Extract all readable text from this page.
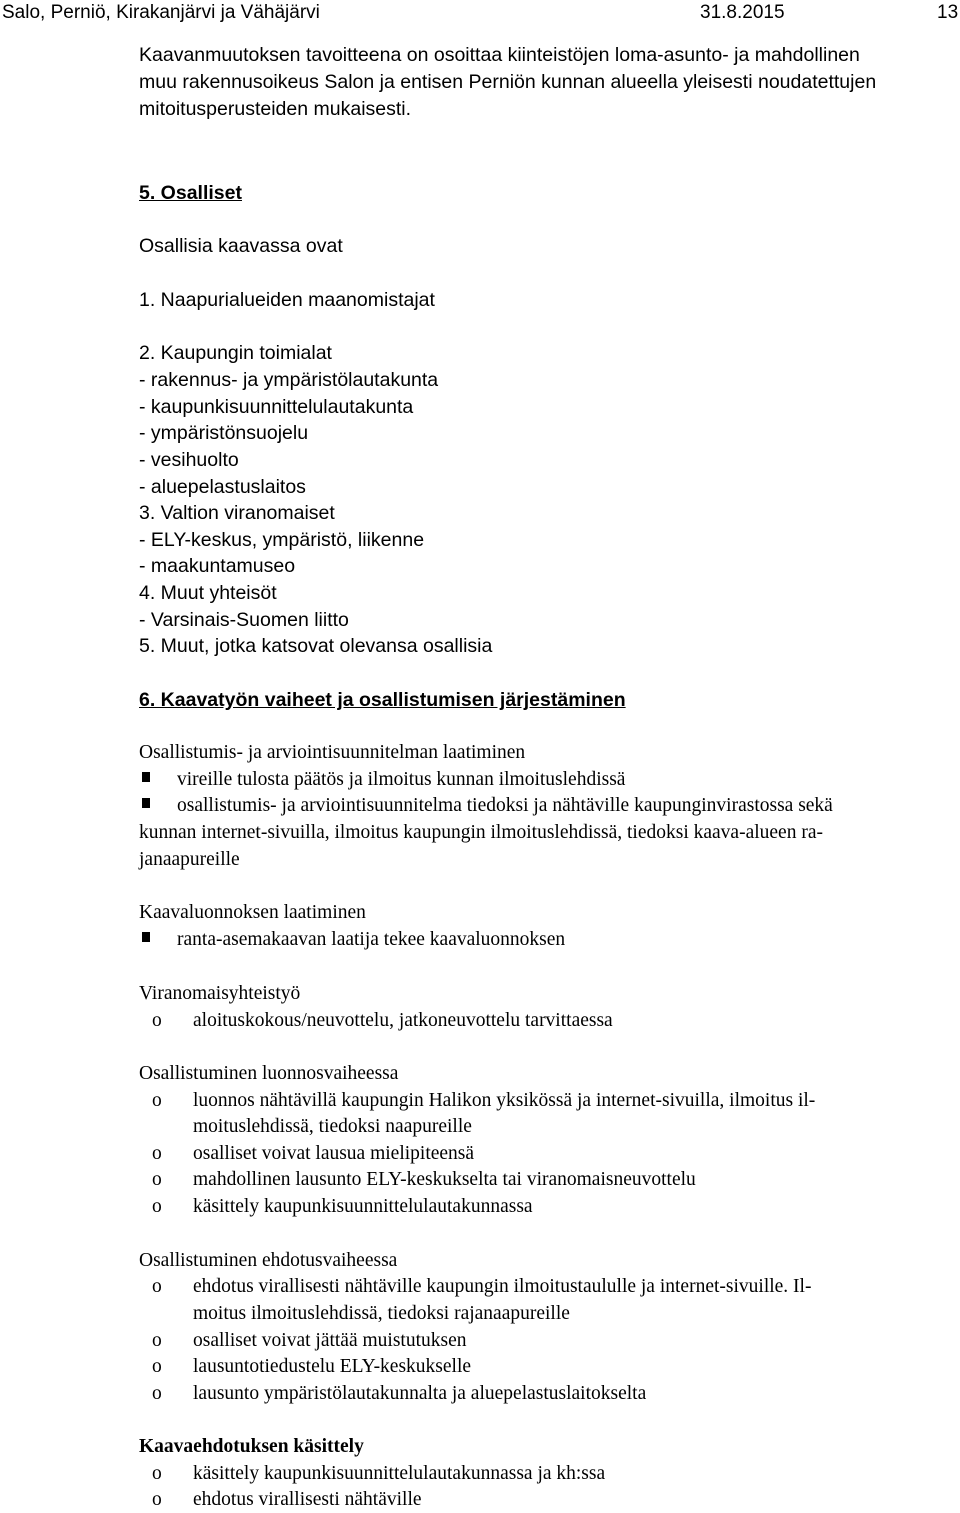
Salo, Perniö, Kirakanjärvi ja Vähäjärvi	31.8.2015	13
Kaavanmuutoksen tavoitteena on osoittaa kiinteistöjen loma-asunto- ja mahdollinen
muu rakennusoikeus Salon ja entisen Perniön kunnan alueella yleisesti noudatettujen
mitoitusperusteiden mukaisesti.
5. Osalliset
Osallisia kaavassa ovat
1. Naapurialueiden maanomistajat
2. Kaupungin toimialat
- rakennus- ja ympäristölautakunta
- kaupunkisuunnittelulautakunta
- ympäristönsuojelu
- vesihuolto
- aluepelastuslaitos
3. Valtion viranomaiset
- ELY-keskus, ympäristö, liikenne
- maakuntamuseo
4. Muut yhteisöt
- Varsinais-Suomen liitto
5. Muut, jotka katsovat olevansa osallisia
6. Kaavatyön vaiheet ja osallistumisen järjestäminen
Osallistumis- ja arviointisuunnitelman laatiminen
vireille tulosta päätös ja ilmoitus kunnan ilmoituslehdissä
osallistumis- ja arviointisuunnitelma tiedoksi ja nähtäville kaupunginvirastossa sekä
kunnan internet-sivuilla, ilmoitus kaupungin ilmoituslehdissä, tiedoksi kaava-alueen ra-
janaapureille
Kaavaluonnoksen laatiminen
ranta-asemakaavan laatija tekee kaavaluonnoksen
Viranomaisyhteistyö
o aloituskokous/neuvottelu, jatkoneuvottelu tarvittaessa
Osallistuminen luonnosvaiheessa
o luonnos nähtävillä kaupungin Halikon yksikössä ja internet-sivuilla, ilmoitus il-
moituslehdissä, tiedoksi naapureille
o osalliset voivat lausua mielipiteensä
o mahdollinen lausunto ELY-keskukselta tai viranomaisneuvottelu
o käsittely kaupunkisuunnittelulautakunnassa
Osallistuminen ehdotusvaiheessa
o ehdotus virallisesti nähtäville kaupungin ilmoitustaululle ja internet-sivuille. Il-
moitus ilmoituslehdissä, tiedoksi rajanaapureille
o osalliset voivat jättää muistutuksen
o lausuntotiedustelu ELY-keskukselle
o lausunto ympäristölautakunnalta ja aluepelastuslaitokselta
Kaavaehdotuksen käsittely
o käsittely kaupunkisuunnittelulautakunnassa ja kh:ssa
o ehdotus virallisesti nähtäville
